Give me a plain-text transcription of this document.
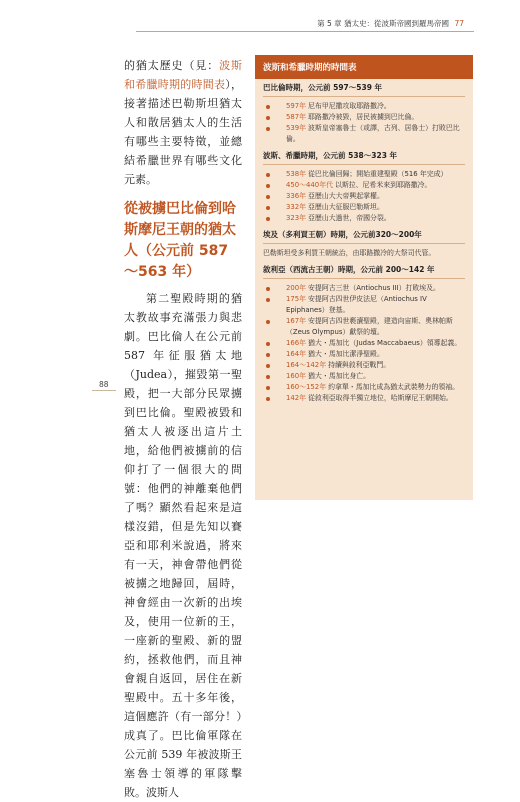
第 5 章 猶太史：從波斯帝國到羅馬帝國 77
88

的猶太歷史（見：波斯和希臘時期的時間表），接著描述巴勒斯坦猶太人和散居猶太人的生活有哪些主要特徵，並總結希臘世界有哪些文化元素。

從被擄巴比倫到哈斯摩尼王朝的猶太人（公元前 587～563 年）

第二聖殿時期的猶太教故事充滿張力與悲劇。巴比倫人在公元前 587 年征服猶太地（Judea），摧毀第一聖殿，把一大部分民眾擄到巴比倫。聖殿被毀和猶太人被逐出這片土地，給他們被擄前的信仰打了一個很大的問號：他們的神離棄他們了嗎？顯然看起來是這樣沒錯，但是先知以賽亞和耶利米說過，將來有一天，神會帶他們從被擄之地歸回，屆時，神會經由一次新的出埃及，使用一位新的王，一座新的聖殿、新的盟約，拯救他們，而且神會親自返回，居住在新聖殿中。五十多年後，這個應許（有一部分！）成真了。巴比倫軍隊在公元前 539 年被波斯王塞魯士領導的軍隊擊敗。波斯人

波斯和希臘時期的時間表
巴比倫時期，公元前 597～539 年
597年 尼布甲尼撒攻取耶路撒冷。
587年 耶路撒冷被毀，居民被擄到巴比倫。
539年 波斯皇帝塞魯士（或譯，古列、居魯士）打敗巴比倫。
波斯、希臘時期，公元前 538～323 年
538年 從巴比倫回歸；開始重建聖殿（516 年完成）
450～440年代 以斯拉、尼希米來到耶路撒冷。
336年 亞歷山大大帝興起掌權。
332年 亞歷山大征服巴勒斯坦。
323年 亞歷山大過世，帝國分裂。
埃及（多利買王朝）時期，公元前320～200年
巴勒斯坦受多利買王朝統治，由耶路撒冷的大祭司代管。
敘利亞（西流古王朝）時期，公元前 200～142 年
200年 安提阿古三世（Antiochus III）打敗埃及。
175年 安提阿古四世伊皮法尼（Antiochus IV Epiphanes）登基。
167年 安提阿古四世褻瀆聖殿，建造向宙斯、奧林帕斯（Zeus Olympus）獻祭的壇。
166年 猶大・馬加比（Judas Maccabaeus）領導起義。
164年 猶大・馬加比潔淨聖殿。
164～142年 持續與敘利亞戰鬥。
160年 猶大・馬加比身亡。
160～152年 約拿單・馬加比成為猶太武裝勢力的領袖。
142年 從敘利亞取得半獨立地位，哈斯摩尼王朝開始。
